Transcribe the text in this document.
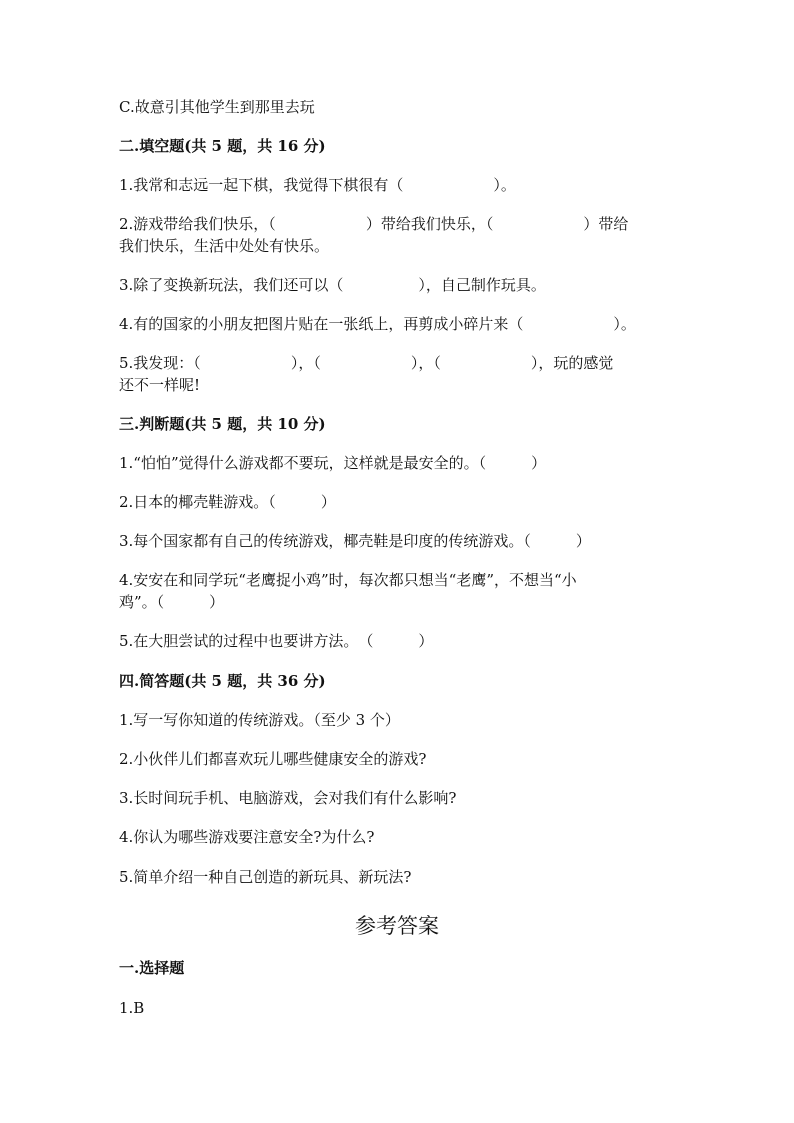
C.故意引其他学生到那里去玩
二.填空题(共 5 题，共 16 分)
1.我常和志远一起下棋，我觉得下棋很有（　　　　　　）。
2.游戏带给我们快乐，（　　　　　　）带给我们快乐，（　　　　　　）带给
我们快乐，生活中处处有快乐。
3.除了变换新玩法，我们还可以（　　　　　），自己制作玩具。
4.有的国家的小朋友把图片贴在一张纸上，再剪成小碎片来（　　　　　　）。
5.我发现：（　　　　　　），（　　　　　　），（　　　　　　），玩的感觉
还不一样呢!
三.判断题(共 5 题，共 10 分)
1.“怕怕”觉得什么游戏都不要玩，这样就是最安全的。（　　　）
2.日本的椰壳鞋游戏。（　　　）
3.每个国家都有自己的传统游戏，椰壳鞋是印度的传统游戏。（　　　）
4.安安在和同学玩“老鹰捉小鸡”时，每次都只想当“老鹰”，不想当“小
鸡”。（　　　）
5.在大胆尝试的过程中也要讲方法。　（　　　）
四.简答题(共 5 题，共 36 分)
1.写一写你知道的传统游戏。（至少 3 个）
2.小伙伴儿们都喜欢玩儿哪些健康安全的游戏?
3.长时间玩手机、电脑游戏，会对我们有什么影响?
4.你认为哪些游戏要注意安全?为什么?
5.简单介绍一种自己创造的新玩具、新玩法?
参考答案
一.选择题
1.B
